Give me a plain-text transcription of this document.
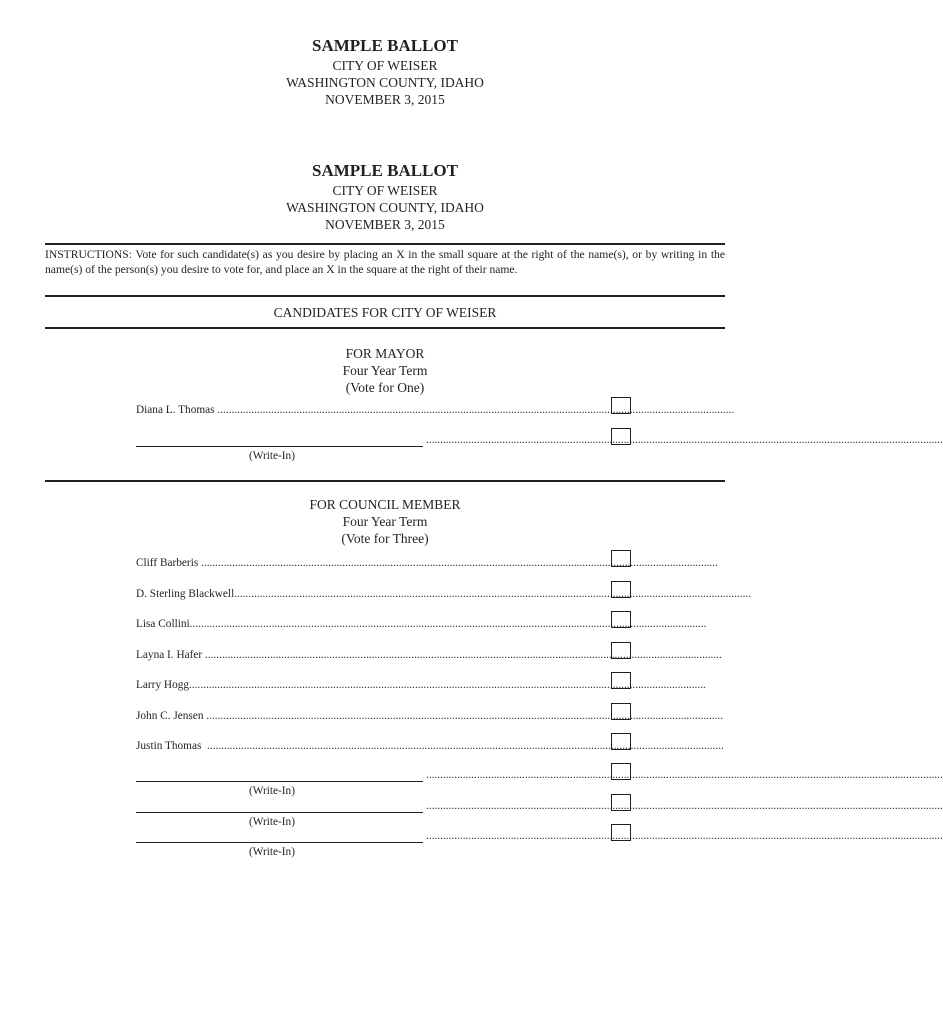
SAMPLE BALLOT
CITY OF WEISER
WASHINGTON COUNTY, IDAHO
NOVEMBER 3, 2015
SAMPLE BALLOT
CITY OF WEISER
WASHINGTON COUNTY, IDAHO
NOVEMBER 3, 2015
INSTRUCTIONS: Vote for such candidate(s) as you desire by placing an X in the small square at the right of the name(s), or by writing in the name(s) of the person(s) you desire to vote for, and place an X in the square at the right of their name.
CANDIDATES FOR CITY OF WEISER
FOR MAYOR
Four Year Term
(Vote for One)
Diana L. Thomas
.......................................................................................................................................................................................
.......................................................................................................................................................................................
(Write-In)
FOR COUNCIL MEMBER
Four Year Term
(Vote for Three)
Cliff Barberis
.......................................................................................................................................................................................
D. Sterling Blackwell .......................................................................................................................................................................................
Lisa Collini .......................................................................................................................................................................................
Layna I. Hafer
.......................................................................................................................................................................................
Larry Hogg .......................................................................................................................................................................................
John C. Jensen
.......................................................................................................................................................................................
Justin Thomas
.......................................................................................................................................................................................
.......................................................................................................................................................................................
(Write-In)
.......................................................................................................................................................................................
(Write-In)
.......................................................................................................................................................................................
(Write-In)
